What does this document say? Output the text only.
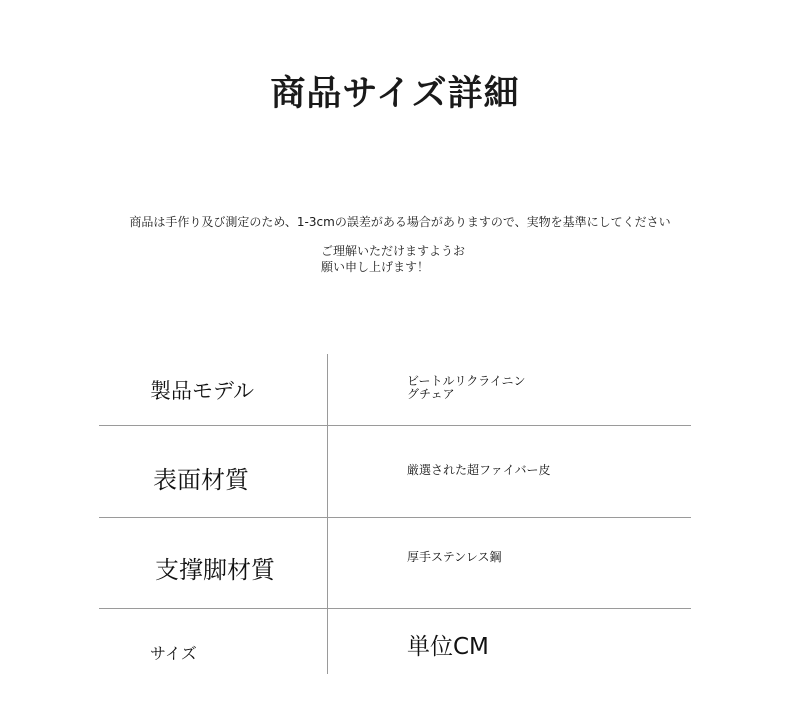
商品サイズ詳細
商品は手作り及び測定のため、1-3cmの誤差がある場合がありますので、実物を基準にしてください
ご理解いただけますようお
願い申し上げます！
製品モデル	ビートルリクライニン
グチェア
表面材質	厳選された超ファイバー皮
支撑脚材質	厚手ステンレス鋼
サイズ	単位CM
